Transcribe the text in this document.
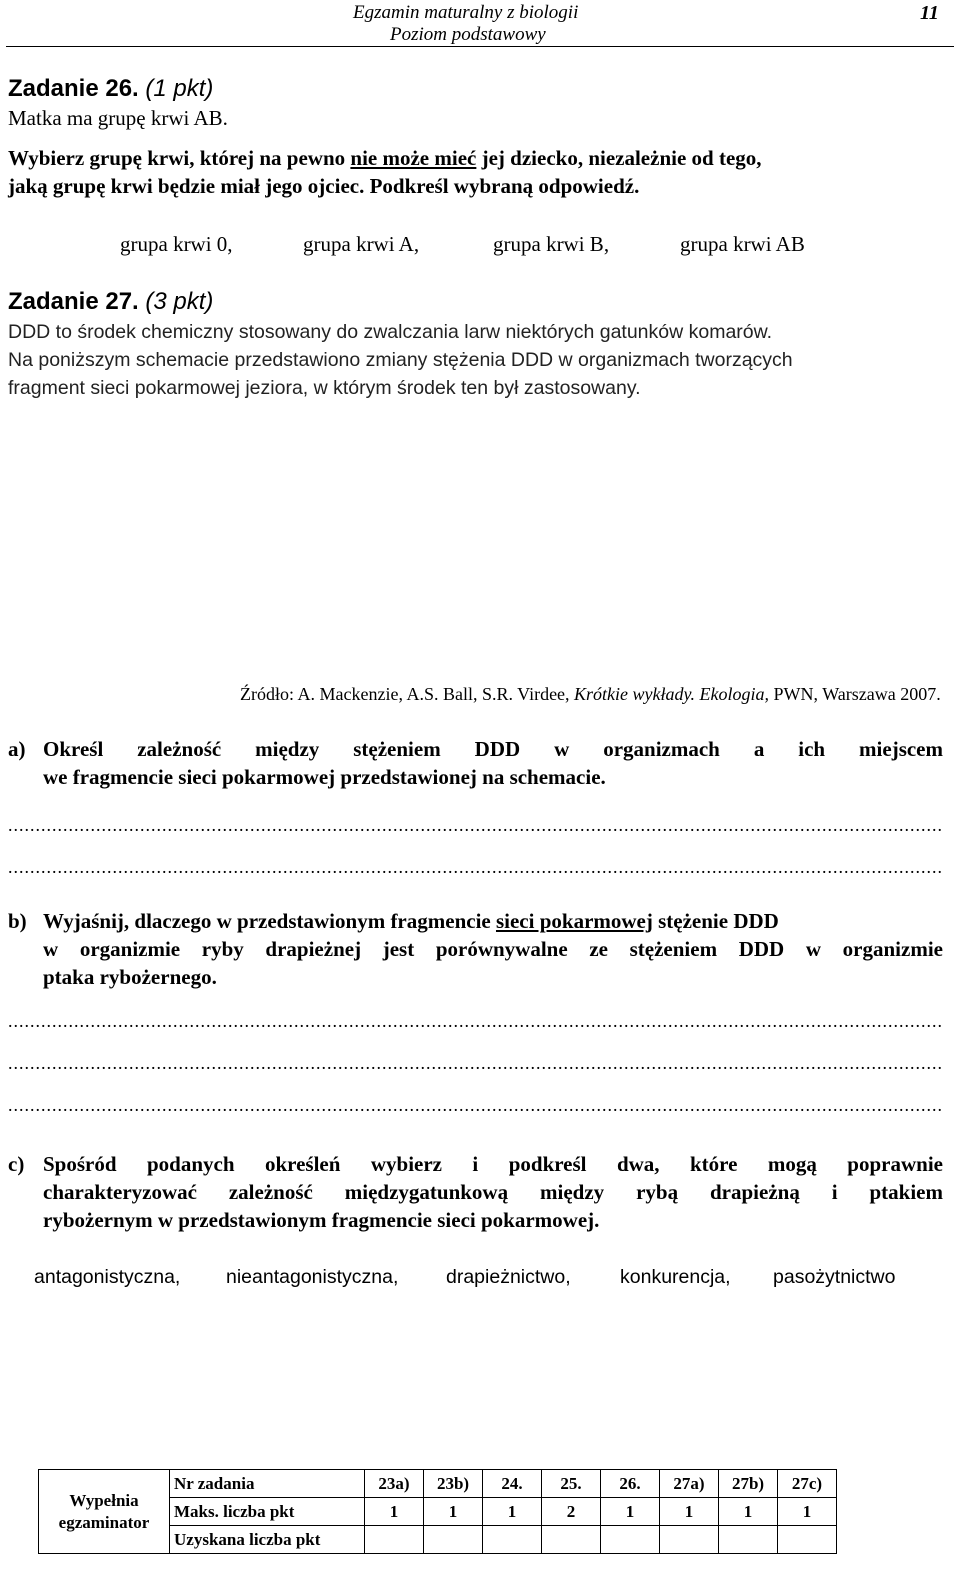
Egzamin maturalny z biologii
Poziom podstawowy
11
Zadanie 26. (1 pkt)
Matka ma grupę krwi AB.
Wybierz grupę krwi, której na pewno nie może mieć jej dziecko, niezależnie od tego,
jaką grupę krwi będzie miał jego ojciec. Podkreśl wybraną odpowiedź.
grupa krwi 0,	grupa krwi A,	grupa krwi B,	grupa krwi AB
Zadanie 27. (3 pkt)
DDD to środek chemiczny stosowany do zwalczania larw niektórych gatunków komarów.
Na poniższym schemacie przedstawiono zmiany stężenia DDD w organizmach tworzących
fragment sieci pokarmowej jeziora, w którym środek ten był zastosowany.
Źródło: A. Mackenzie, A.S. Ball, S.R. Virdee, Krótkie wykłady. Ekologia, PWN, Warszawa 2007.
a) Określ zależność między stężeniem DDD w organizmach a ich miejscem
we fragmencie sieci pokarmowej przedstawionej na schemacie.
..........................................................................................................................................................................
..........................................................................................................................................................................
b) Wyjaśnij, dlaczego w przedstawionym fragmencie sieci pokarmowej stężenie DDD
w organizmie ryby drapieżnej jest porównywalne ze stężeniem DDD w organizmie
ptaka rybożernego.
..........................................................................................................................................................................
..........................................................................................................................................................................
..........................................................................................................................................................................
c) Spośród podanych określeń wybierz i podkreśl dwa, które mogą poprawnie
charakteryzować zależność międzygatunkową między rybą drapieżną i ptakiem
rybożernym w przedstawionym fragmencie sieci pokarmowej.
antagonistyczna, nieantagonistyczna, drapieżnictwo,	konkurencja, pasożytnictwo
Wypełnia
egzaminator	Nr zadania	23a)	23b)	24.	25.	26.	27a)	27b)	27c)
	Maks. liczba pkt	1	1	1	2	1	1	1	1
	Uzyskana liczba pkt								
